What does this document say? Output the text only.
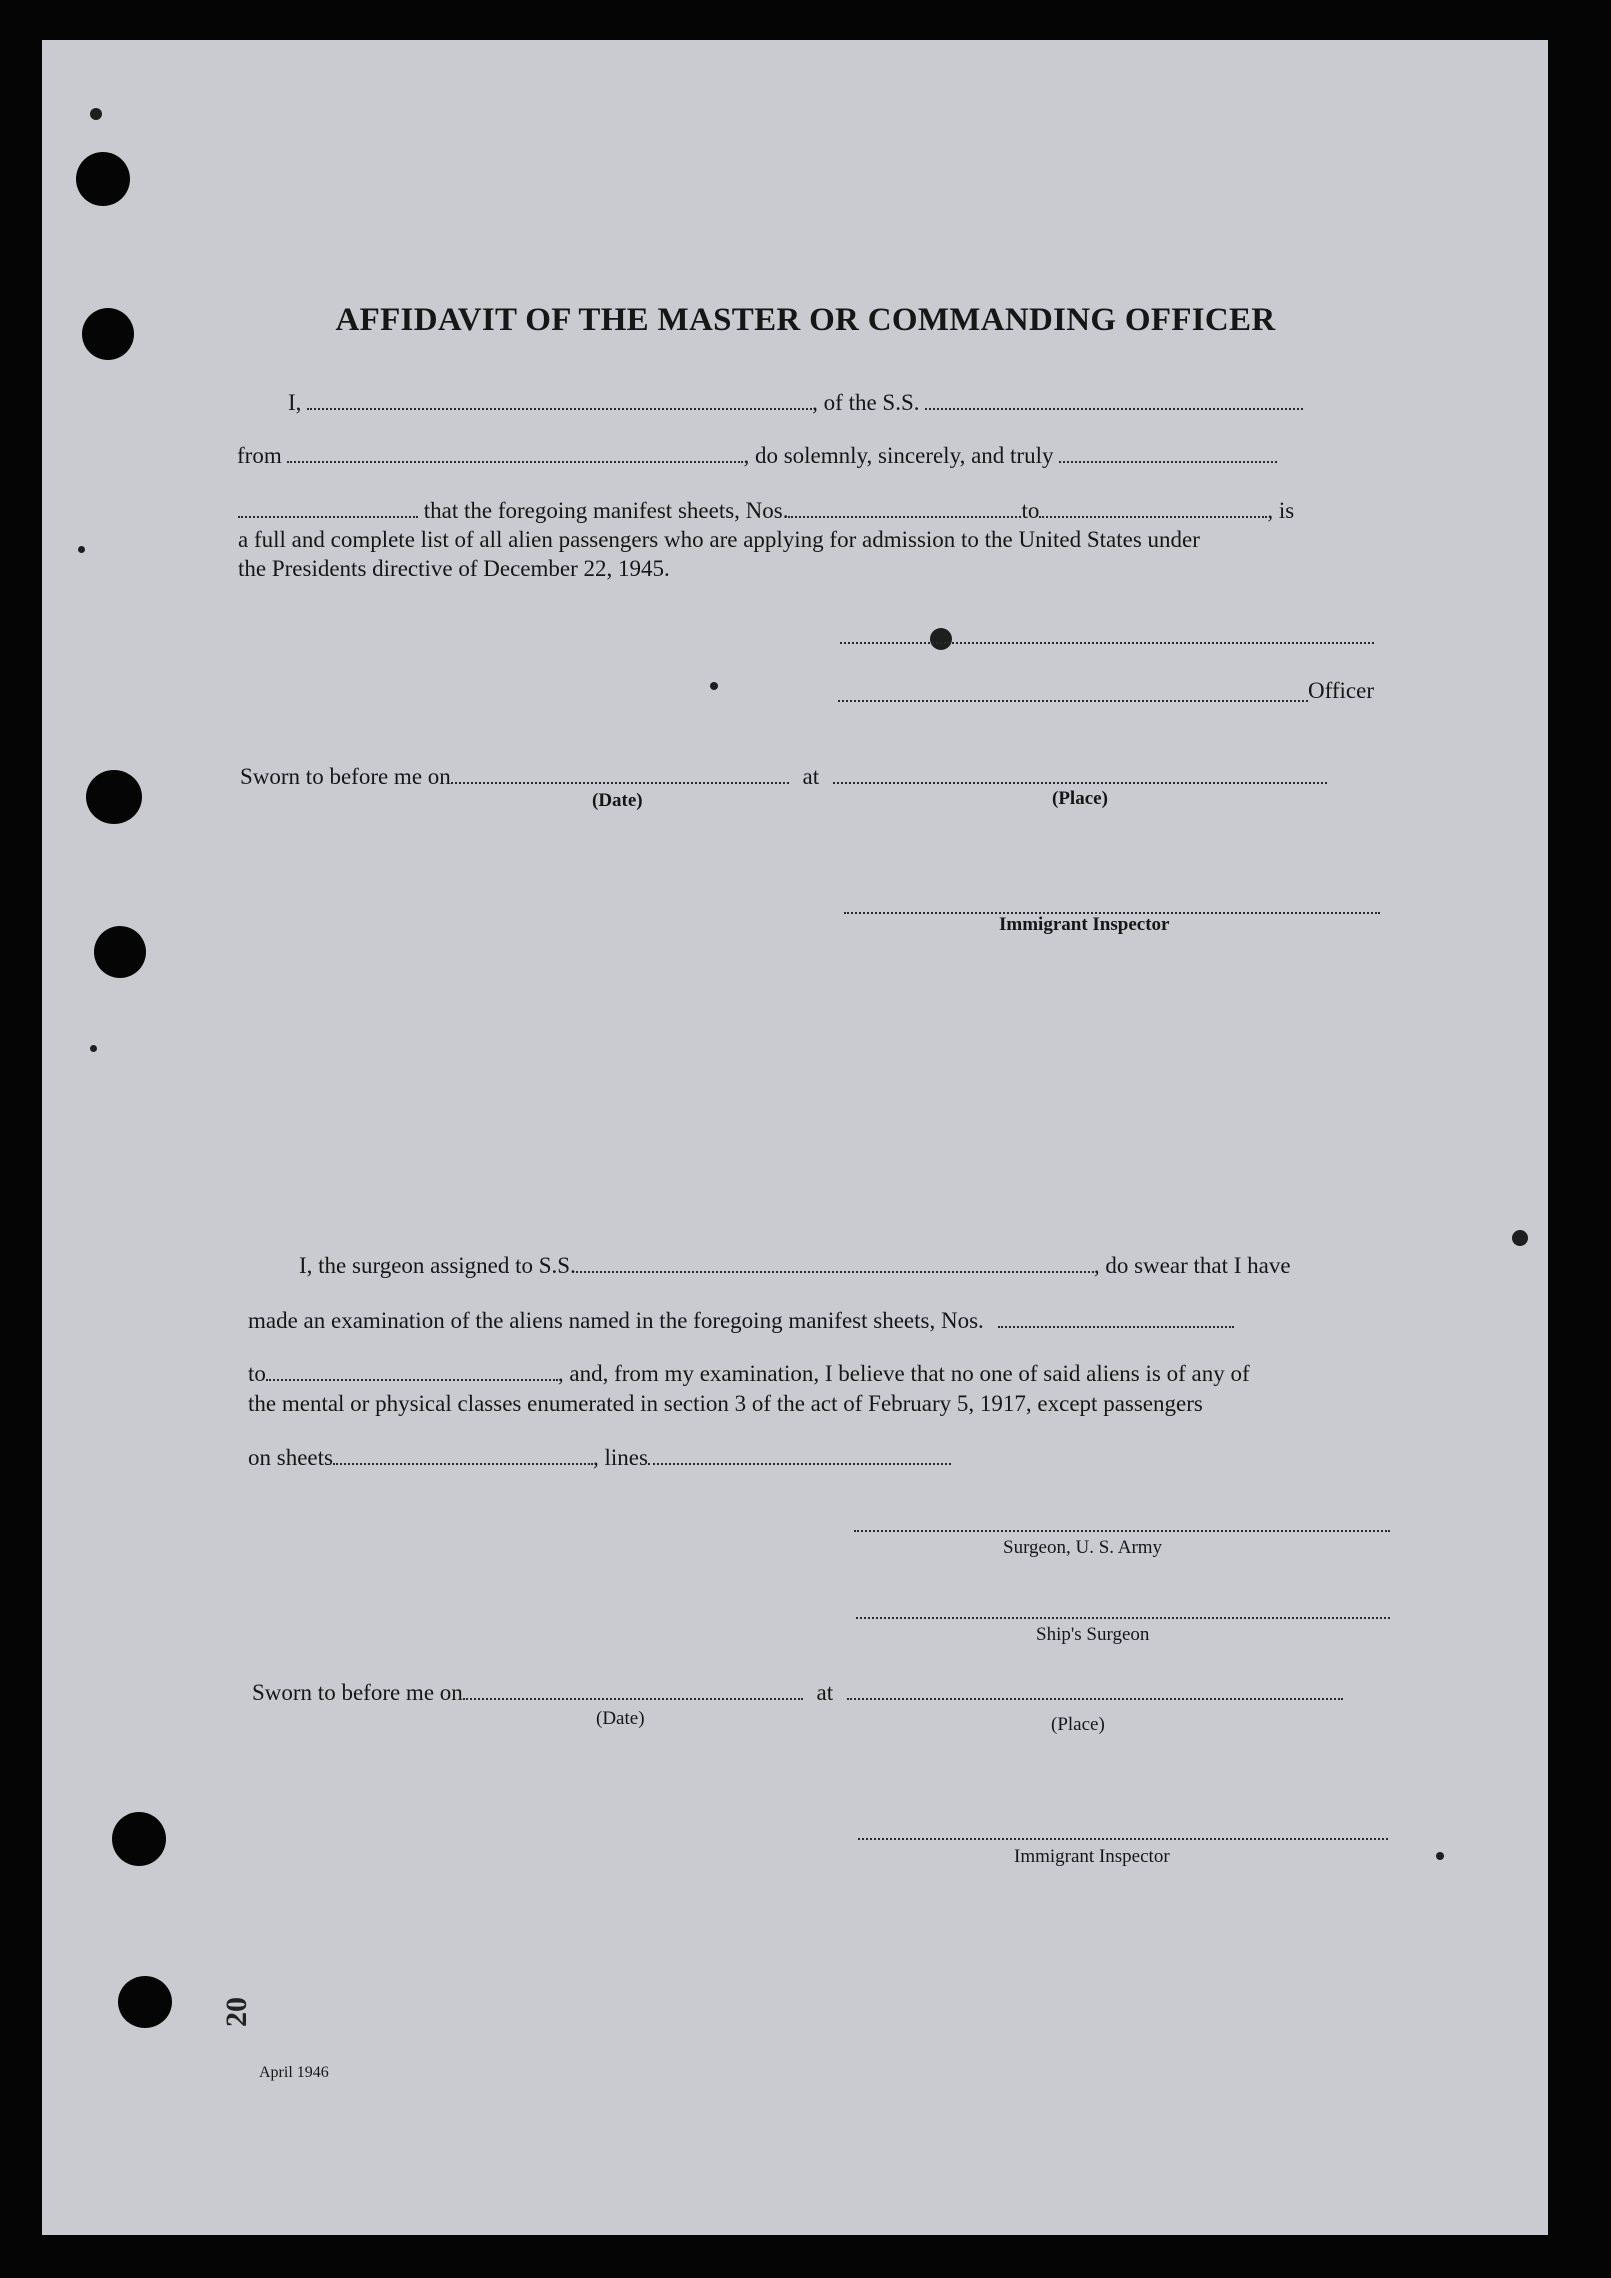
AFFIDAVIT OF THE MASTER OR COMMANDING OFFICER
I,	, of the S.S.
from	, do solemnly, sincerely, and truly
that the foregoing manifest sheets, Nos.	to	, is
a full and complete list of all alien passengers who are applying for admission to the United States under
the Presidents directive of December 22, 1945.
Officer
Sworn to before me on	at
(Date)	(Place)
Immigrant Inspector
I, the surgeon assigned to S.S.	, do swear that I have
made an examination of the aliens named in the foregoing manifest sheets, Nos.
to	, and, from my examination, I believe that no one of said aliens is of any of
the mental or physical classes enumerated in section 3 of the act of February 5, 1917, except passengers
on sheets	, lines
Surgeon, U. S. Army
Ship's Surgeon
Sworn to before me on	at
(Date)	(Place)
Immigrant Inspector
20
April 1946
